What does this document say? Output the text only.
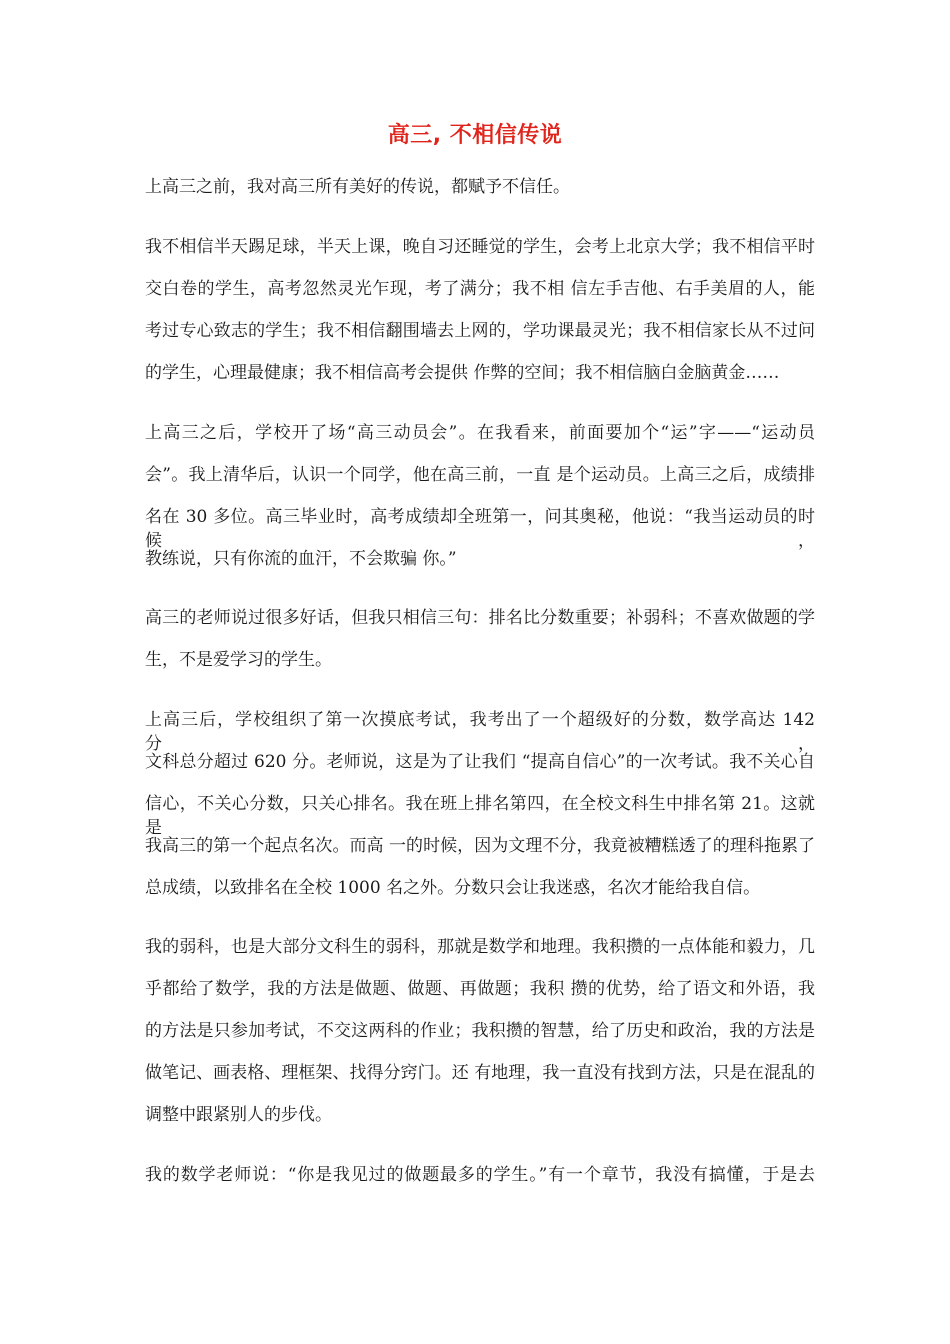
高三, 不相信传说
上高三之前，我对高三所有美好的传说，都赋予不信任。
我不相信半天踢足球，半天上课，晚自习还睡觉的学生，会考上北京大学；我不相信平时
交白卷的学生，高考忽然灵光乍现，考了满分；我不相 信左手吉他、右手美眉的人，能
考过专心致志的学生；我不相信翻围墙去上网的，学功课最灵光；我不相信家长从不过问
的学生，心理最健康；我不相信高考会提供 作弊的空间；我不相信脑白金脑黄金……
上高三之后，学校开了场“高三动员会”。在我看来，前面要加个“运”字——“运动员
会”。我上清华后，认识一个同学，他在高三前，一直 是个运动员。上高三之后，成绩排
名在 30 多位。高三毕业时，高考成绩却全班第一，问其奥秘，他说：“我当运动员的时候，
教练说，只有你流的血汗，不会欺骗 你。”
高三的老师说过很多好话，但我只相信三句：排名比分数重要；补弱科；不喜欢做题的学
生，不是爱学习的学生。
上高三后，学校组织了第一次摸底考试，我考出了一个超级好的分数，数学高达 142 分，
文科总分超过 620 分。老师说，这是为了让我们 “提高自信心”的一次考试。我不关心自
信心，不关心分数，只关心排名。我在班上排名第四，在全校文科生中排名第 21。这就是
我高三的第一个起点名次。而高 一的时候，因为文理不分，我竟被糟糕透了的理科拖累了
总成绩，以致排名在全校 1000 名之外。分数只会让我迷惑，名次才能给我自信。
我的弱科，也是大部分文科生的弱科，那就是数学和地理。我积攒的一点体能和毅力，几
乎都给了数学，我的方法是做题、做题、再做题；我积 攒的优势，给了语文和外语，我
的方法是只参加考试，不交这两科的作业；我积攒的智慧，给了历史和政治，我的方法是
做笔记、画表格、理框架、找得分窍门。还 有地理，我一直没有找到方法，只是在混乱的
调整中跟紧别人的步伐。
我的数学老师说：“你是我见过的做题最多的学生。”有一个章节，我没有搞懂，于是去
